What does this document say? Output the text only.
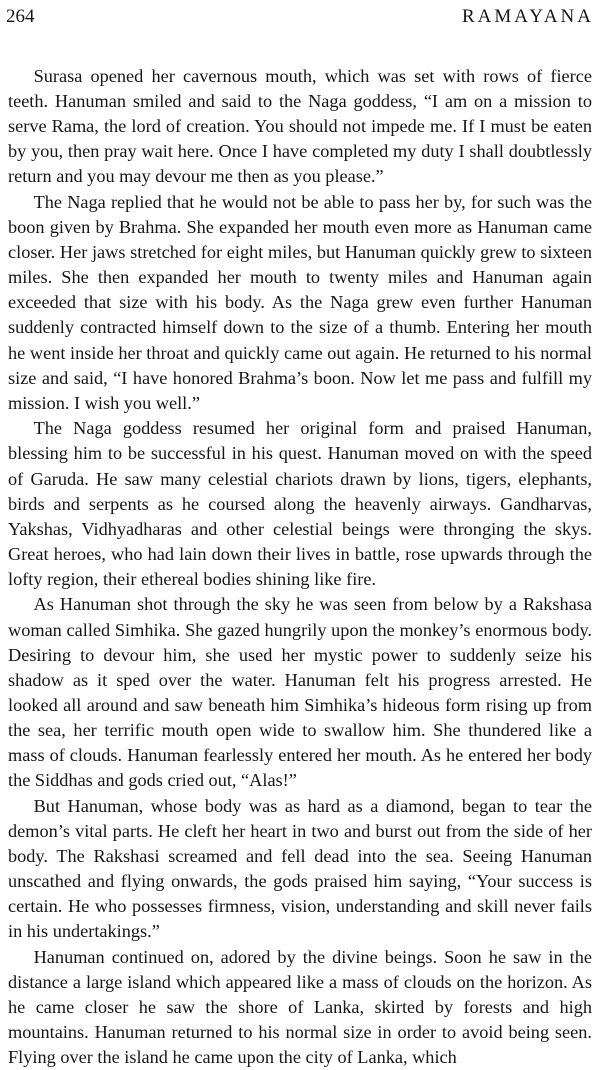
264	RAMAYANA

Surasa opened her cavernous mouth, which was set with rows of fierce teeth. Hanuman smiled and said to the Naga goddess, “I am on a mission to serve Rama, the lord of creation. You should not impede me. If I must be eaten by you, then pray wait here. Once I have completed my duty I shall doubtlessly return and you may devour me then as you please.”

The Naga replied that he would not be able to pass her by, for such was the boon given by Brahma. She expanded her mouth even more as Hanuman came closer. Her jaws stretched for eight miles, but Hanuman quickly grew to sixteen miles. She then expanded her mouth to twenty miles and Hanuman again exceeded that size with his body. As the Naga grew even further Hanuman suddenly contracted himself down to the size of a thumb. Entering her mouth he went inside her throat and quickly came out again. He returned to his normal size and said, “I have honored Brahma’s boon. Now let me pass and fulfill my mission. I wish you well.”

The Naga goddess resumed her original form and praised Hanuman, blessing him to be successful in his quest. Hanuman moved on with the speed of Garuda. He saw many celestial chariots drawn by lions, tigers, elephants, birds and serpents as he coursed along the heavenly airways. Gandharvas, Yakshas, Vidhyadharas and other celestial beings were thronging the skys. Great heroes, who had lain down their lives in battle, rose upwards through the lofty region, their ethereal bodies shining like fire.

As Hanuman shot through the sky he was seen from below by a Rakshasa woman called Simhika. She gazed hungrily upon the monkey’s enormous body. Desiring to devour him, she used her mystic power to suddenly seize his shadow as it sped over the water. Hanuman felt his progress arrested. He looked all around and saw beneath him Simhika’s hideous form rising up from the sea, her terrific mouth open wide to swallow him. She thundered like a mass of clouds. Hanuman fearlessly entered her mouth. As he entered her body the Siddhas and gods cried out, “Alas!”

But Hanuman, whose body was as hard as a diamond, began to tear the demon’s vital parts. He cleft her heart in two and burst out from the side of her body. The Rakshasi screamed and fell dead into the sea. Seeing Hanuman unscathed and flying onwards, the gods praised him saying, “Your success is certain. He who possesses firmness, vision, understanding and skill never fails in his undertakings.”

Hanuman continued on, adored by the divine beings. Soon he saw in the distance a large island which appeared like a mass of clouds on the horizon. As he came closer he saw the shore of Lanka, skirted by forests and high mountains. Hanuman returned to his normal size in order to avoid being seen. Flying over the island he came upon the city of Lanka, which
